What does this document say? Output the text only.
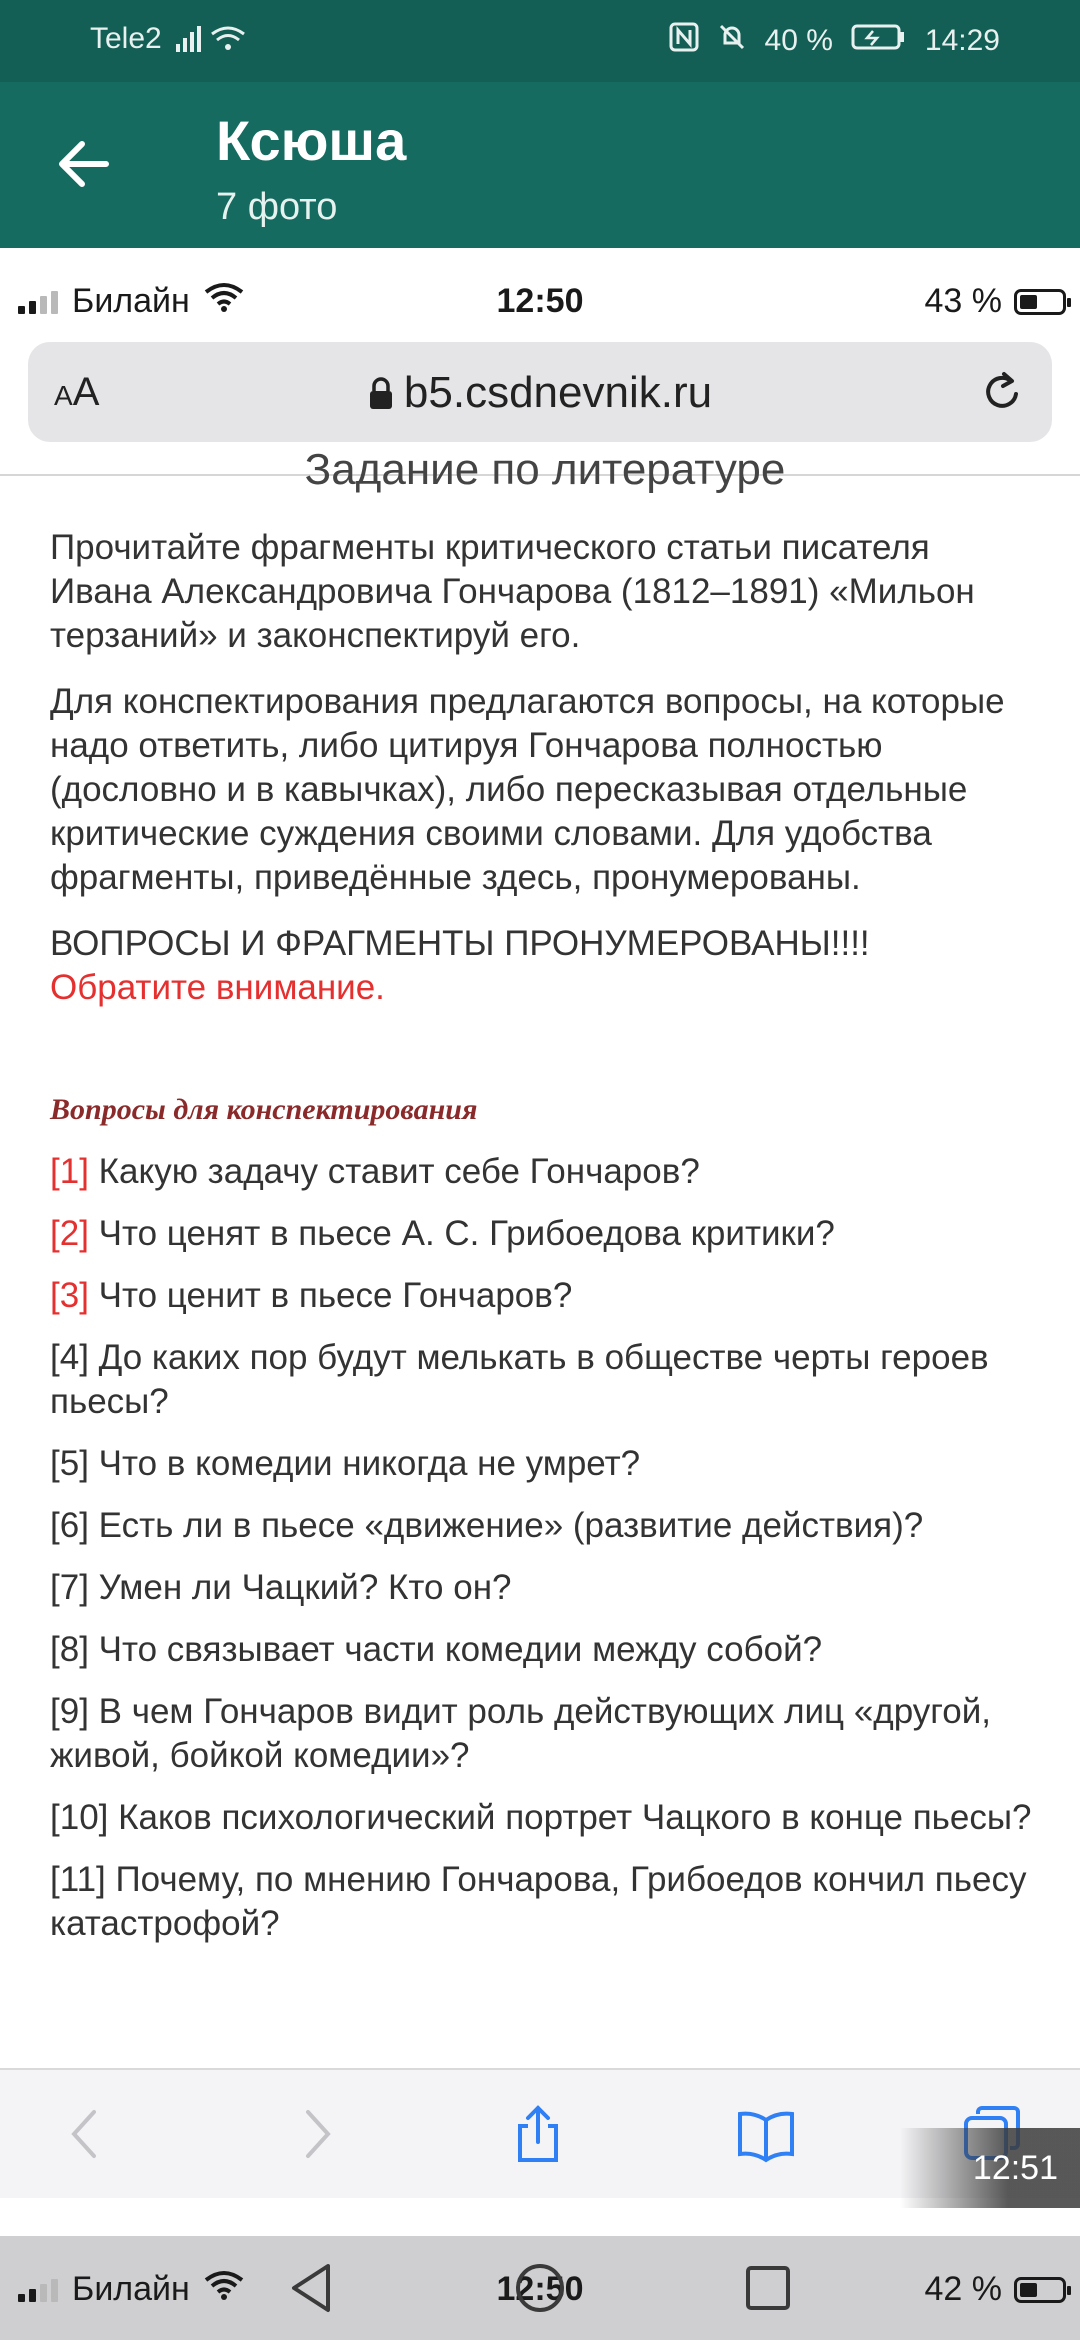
Tele2	40 %	14:29
Ксюша
7 фото
Билайн	12:50	43 %
AA	b5.csdnevnik.ru
Задание по литературе

Прочитайте фрагменты критического статьи писателя Ивана Александровича Гончарова (1812–1891) «Мильон терзаний» и законспектируй его.

Для конспектирования предлагаются вопросы, на которые надо ответить, либо цитируя Гончарова полностью (дословно и в кавычках), либо пересказывая отдельные критические суждения своими словами. Для удобства фрагменты, приведённые здесь, пронумерованы.

ВОПРОСЫ И ФРАГМЕНТЫ ПРОНУМЕРОВАНЫ!!!!
Обратите внимание.

Вопросы для конспектирования

[1] Какую задачу ставит себе Гончаров?

[2] Что ценят в пьесе А. С. Грибоедова критики?

[3] Что ценит в пьесе Гончаров?

[4] До каких пор будут мелькать в обществе черты героев пьесы?

[5] Что в комедии никогда не умрет?

[6] Есть ли в пьесе «движение» (развитие действия)?

[7] Умен ли Чацкий? Кто он?

[8] Что связывает части комедии между собой?

[9] В чем Гончаров видит роль действующих лиц «другой, живой, бойкой комедии»?

[10] Каков психологический портрет Чацкого в конце пьесы?

[11] Почему, по мнению Гончарова, Грибоедов кончил пьесу катастрофой?

12:51
Билайн	12:50	42 %
